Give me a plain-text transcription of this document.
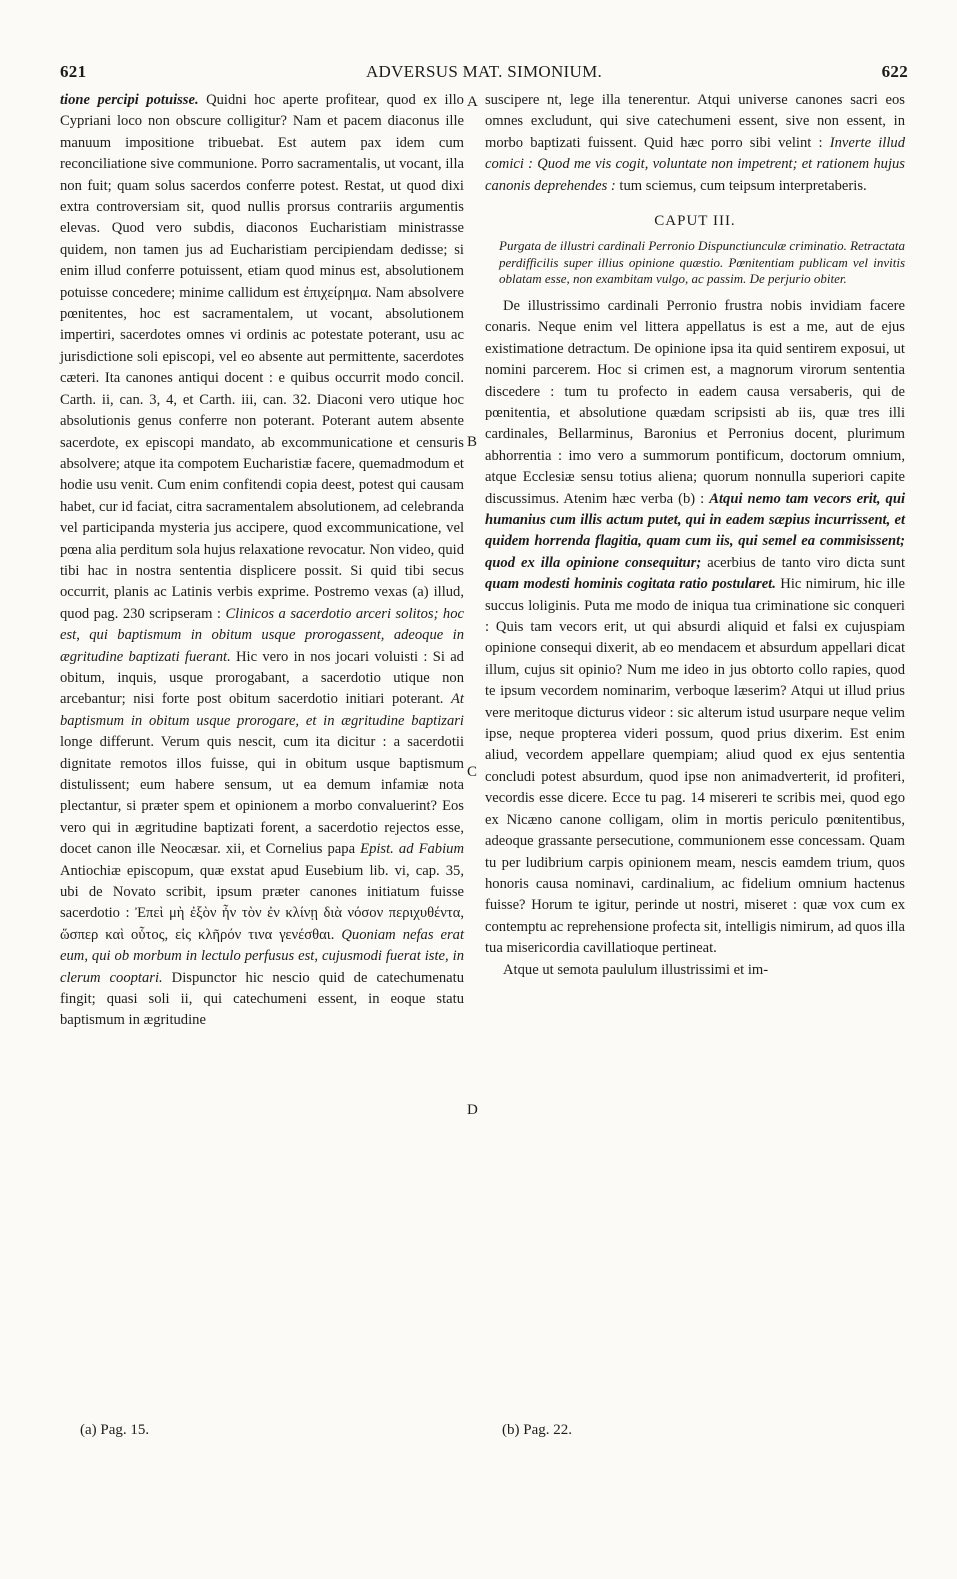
621	ADVERSUS MAT. SIMONIUM.	622

tione percipi potuisse. Quidni hoc aperte profitear, quod ex illo Cypriani loco non obscure colligitur? Nam et pacem diaconus ille manuum impositione tribuebat. Est autem pax idem cum reconciliatione sive communione. Porro sacramentalis, ut vocant, illa non fuit; quam solus sacerdos conferre potest. Restat, ut quod dixi extra controversiam sit, quod nullis prorsus contrariis argumentis elevas. Quod vero subdis, diaconos Eucharistiam ministrasse quidem, non tamen jus ad Eucharistiam percipiendam dedisse; si enim illud conferre potuissent, etiam quod minus est, absolutionem potuisse concedere; minime callidum est ἐπιχείρημα. Nam absolvere pœnitentes, hoc est sacramentalem, ut vocant, absolutionem impertiri, sacerdotes omnes vi ordinis ac potestate poterant, usu ac jurisdictione soli episcopi, vel eo absente aut permittente, sacerdotes cæteri. Ita canones antiqui docent : e quibus occurrit modo concil. Carth. ii, can. 3, 4, et Carth. iii, can. 32. Diaconi vero utique hoc absolutionis genus conferre non poterant. Poterant autem absente sacerdote, ex episcopi mandato, ab excommunicatione et censuris absolvere; atque ita compotem Eucharistiæ facere, quemadmodum et hodie usu venit. Cum enim confitendi copia deest, potest qui causam habet, cur id faciat, citra sacramentalem absolutionem, ad celebranda vel participanda mysteria jus accipere, quod excommunicatione, vel pœna alia perditum sola hujus relaxatione revocatur. Non video, quid tibi hac in nostra sententia displicere possit. Si quid tibi secus occurrit, planis ac Latinis verbis exprime. Postremo vexas (a) illud, quod pag. 230 scripseram : Clinicos a sacerdotio arceri solitos; hoc est, qui baptismum in obitum usque prorogassent, adeoque in ægritudine baptizati fuerant. Hic vero in nos jocari voluisti : Si ad obitum, inquis, usque prorogabant, a sacerdotio utique non arcebantur; nisi forte post obitum sacerdotio initiari poterant. At baptismum in obitum usque prorogare, et in ægritudine baptizari longe differunt. Verum quis nescit, cum ita dicitur : a sacerdotii dignitate remotos illos fuisse, qui in obitum usque baptismum distulissent; eum habere sensum, ut ea demum infamiæ nota plectantur, si præter spem et opinionem a morbo convaluerint? Eos vero qui in ægritudine baptizati forent, a sacerdotio rejectos esse, docet canon ille Neocæsar. xii, et Cornelius papa Epist. ad Fabium Antiochiæ episcopum, quæ exstat apud Eusebium lib. vi, cap. 35, ubi de Novato scribit, ipsum præter canones initiatum fuisse sacerdotio : Ἐπεὶ μὴ ἐξὸν ἦν τὸν ἐν κλίνῃ διὰ νόσον περιχυθέντα, ὥσπερ καὶ οὗτος, εἰς κλῆρόν τινα γενέσθαι. Quoniam nefas erat eum, qui ob morbum in lectulo perfusus est, cujusmodi fuerat iste, in clerum cooptari. Dispunctor hic nescio quid de catechumenatu fingit; quasi soli ii, qui catechumeni essent, in eoque statu baptismum in ægritudine

A
B
C
D

suscipere nt, lege illa tenerentur. Atqui universe canones sacri eos omnes excludunt, qui sive catechumeni essent, sive non essent, in morbo baptizati fuissent. Quid hæc porro sibi velint : Inverte illud comici : Quod me vis cogit, voluntate non impetrent; et rationem hujus canonis deprehendes : tum sciemus, cum teipsum interpretaberis.

CAPUT III.

Purgata de illustri cardinali Perronio Dispunctiunculæ criminatio. Retractata perdifficilis super illius opinione quæstio. Pœnitentiam publicam vel invitis oblatam esse, non exambitam vulgo, ac passim. De perjurio obiter.

De illustrissimo cardinali Perronio frustra nobis invidiam facere conaris. Neque enim vel littera appellatus is est a me, aut de ejus existimatione detractum. De opinione ipsa ita quid sentirem exposui, ut nomini parcerem. Hoc si crimen est, a magnorum virorum sententia discedere : tum tu profecto in eadem causa versaberis, qui de pœnitentia, et absolutione quædam scripsisti ab iis, quæ tres illi cardinales, Bellarminus, Baronius et Perronius docent, plurimum abhorrentia : imo vero a summorum pontificum, doctorum omnium, atque Ecclesiæ sensu totius aliena; quorum nonnulla superiori capite discussimus. Atenim hæc verba (b) : Atqui nemo tam vecors erit, qui humanius cum illis actum putet, qui in eadem sæpius incurrissent, et quidem horrenda flagitia, quam cum iis, qui semel ea commisissent; quod ex illa opinione consequitur; acerbius de tanto viro dicta sunt quam modesti hominis cogitata ratio postularet. Hic nimirum, hic ille succus loliginis. Puta me modo de iniqua tua criminatione sic conqueri : Quis tam vecors erit, ut qui absurdi aliquid et falsi ex cujuspiam opinione consequi dixerit, ab eo mendacem et absurdum appellari dicat illum, cujus sit opinio? Num me ideo in jus obtorto collo rapies, quod te ipsum vecordem nominarim, verboque læserim? Atqui ut illud prius vere meritoque dicturus videor : sic alterum istud usurpare neque velim ipse, neque propterea videri possum, quod prius dixerim. Est enim aliud, vecordem appellare quempiam; aliud quod ex ejus sententia concludi potest absurdum, quod ipse non animadverterit, id profiteri, vecordis esse dicere. Ecce tu pag. 14 misereri te scribis mei, quod ego ex Nicæno canone colligam, olim in mortis periculo pœnitentibus, adeoque grassante persecutione, communionem esse concessam. Quam tu per ludibrium carpis opinionem meam, nescis eamdem trium, quos honoris causa nominavi, cardinalium, ac fidelium omnium hactenus fuisse? Horum te igitur, perinde ut nostri, miseret : quæ vox cum ex contemptu ac reprehensione profecta sit, intelligis nimirum, ad quos illa tua misericordia cavillatioque pertineat.

Atque ut semota paululum illustrissimi et im-

(a) Pag. 15.	(b) Pag. 22.
